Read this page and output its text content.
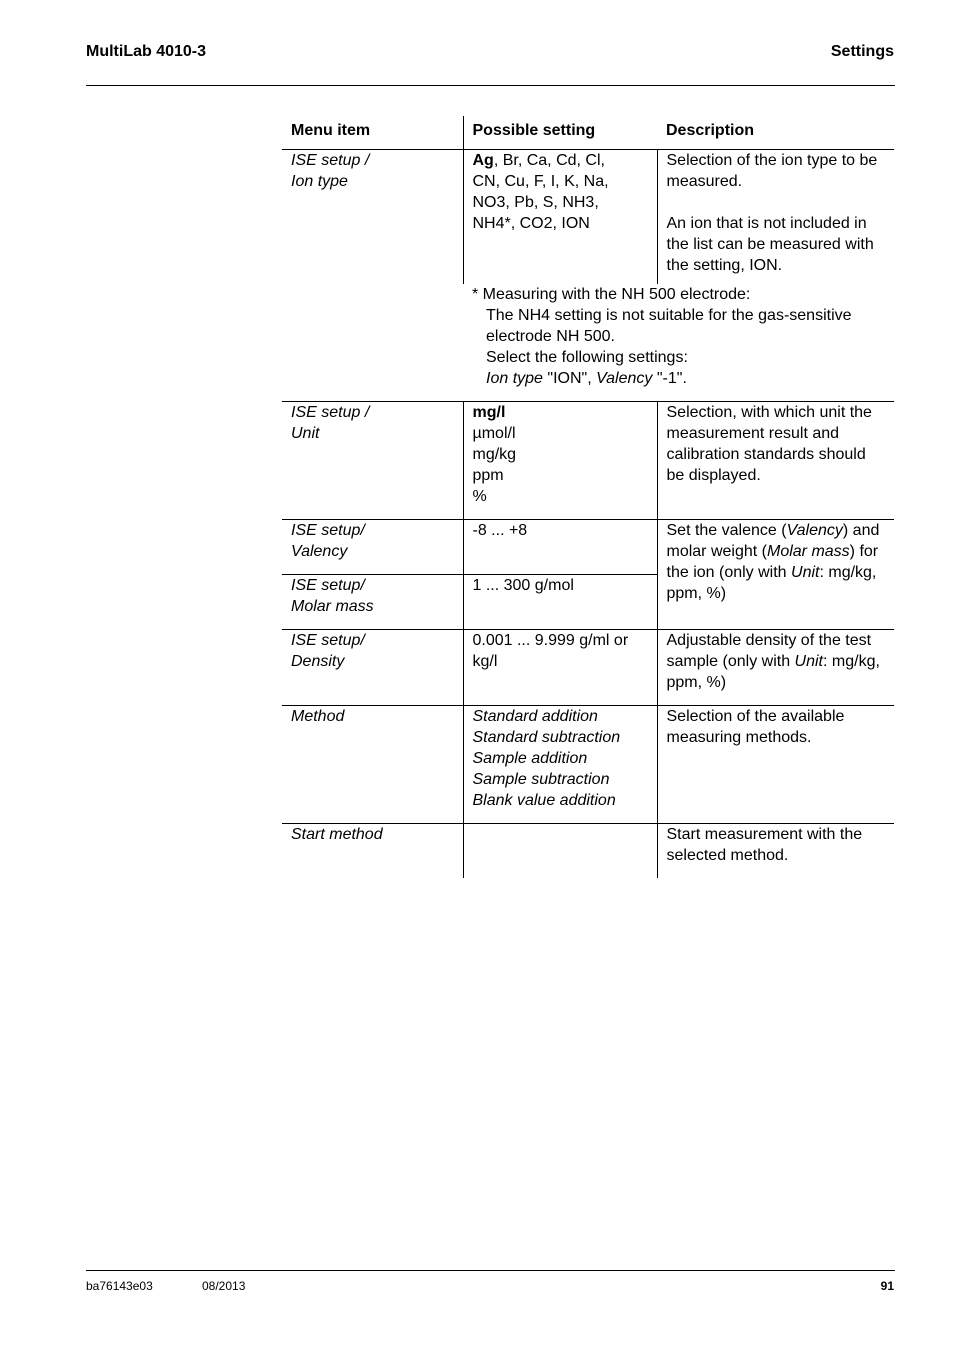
MultiLab 4010-3	Settings
Menu item	Possible setting	Description

ISE setup /
Ion type	Ag, Br, Ca, Cd, Cl,
CN, Cu, F, I, K, Na,
NO3, Pb, S, NH3,
NH4*, CO2, ION	Selection of the ion type to be measured.
An ion that is not included in the list can be measured with the setting, ION.

	* Measuring with the NH 500 electrode:
The NH4 setting is not suitable for the gas-sensitive electrode NH 500.
Select the following settings:
Ion type "ION", Valency "-1".	

ISE setup /
Unit	mg/l
µmol/l
mg/kg
ppm
%	Selection, with which unit the measurement result and calibration standards should be displayed.

ISE setup/
Valency	-8 ... +8	Set the valence (Valency) and molar weight (Molar mass) for the ion (only with Unit: mg/kg, ppm, %)

ISE setup/
Molar mass	1 ... 300 g/mol	

ISE setup/
Density	0.001 ... 9.999 g/ml or kg/l	Adjustable density of the test sample (only with Unit: mg/kg, ppm, %)
Method	Standard addition
Standard subtraction
Sample addition
Sample subtraction
Blank value addition	Selection of the available measuring methods.
Start method		Start measurement with the selected method.
ba76143e03	08/2013	91
